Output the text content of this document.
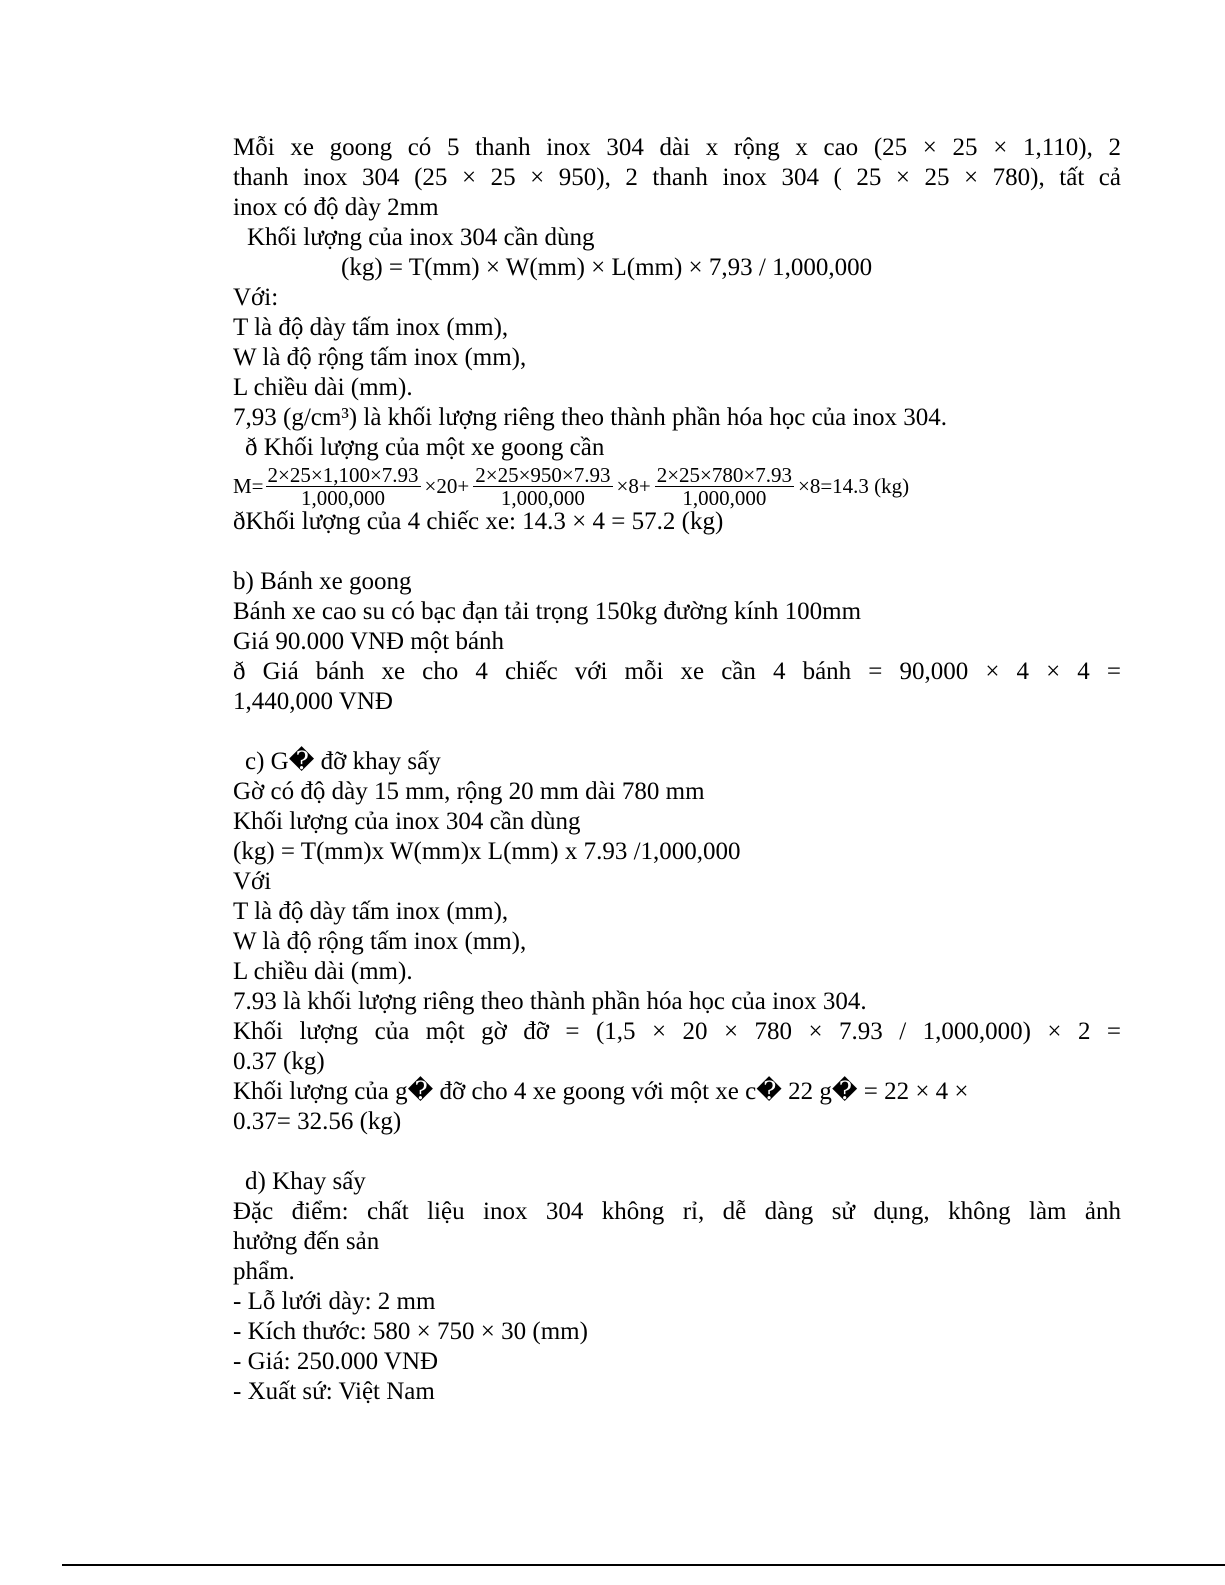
Mỗi xe goong có 5 thanh inox 304 dài x rộng x cao (25 × 25 × 1,110), 2

thanh inox 304 (25 × 25 × 950), 2 thanh inox 304 ( 25 × 25 × 780), tất cả

inox có độ dày 2mm

Khối lượng của inox 304 cần dùng

(kg) = T(mm) × W(mm) × L(mm) × 7,93 / 1,000,000

Với:

T là độ dày tấm inox (mm),

W là độ rộng tấm inox (mm),

L chiều dài (mm).

7,93 (g/cm³) là khối lượng riêng theo thành phần hóa học của inox 304.

ð Khối lượng của một xe goong cần

$M= \frac{2\times 25\times 1,100\times 7.93}{1,000,000} \times 20+ \frac{2\times 25\times 950\times 7.93}{1,000,000} \times 8+ \frac{2\times 25\times 780\times 7.93}{1,000,000} \times 8=14.3$ (kg)

ðKhối lượng của 4 chiếc xe: 14.3 × 4 = 57.2 (kg)

b) Bánh xe goong

Bánh xe cao su có bạc đạn tải trọng 150kg đường kính 100mm

Giá 90.000 VNĐ một bánh

ð Giá bánh xe cho 4 chiếc với mỗi xe cần 4 bánh = 90,000 × 4 × 4 =

1,440,000 VNĐ

c) G� đỡ khay sấy

Gờ có độ dày 15 mm, rộng 20 mm dài 780 mm

Khối lượng của inox 304 cần dùng

(kg) = T(mm)x W(mm)x L(mm) x 7.93 /1,000,000

Với

T là độ dày tấm inox (mm),

W là độ rộng tấm inox (mm),

L chiều dài (mm).

7.93 là khối lượng riêng theo thành phần hóa học của inox 304.

Khối lượng của một gờ đỡ = (1,5 × 20 × 780 × 7.93 / 1,000,000) × 2 =

0.37 (kg)

Khối lượng của g� đỡ cho 4 xe goong với một xe c� 22 g� = 22 × 4 ×

0.37= 32.56 (kg)

d) Khay sấy

Đặc điểm: chất liệu inox 304 không rỉ, dễ dàng sử dụng, không làm ảnh

hưởng đến sản

phẩm.

- Lỗ lưới dày: 2 mm

- Kích thước: 580 × 750 × 30 (mm)

- Giá: 250.000 VNĐ

- Xuất sứ: Việt Nam
